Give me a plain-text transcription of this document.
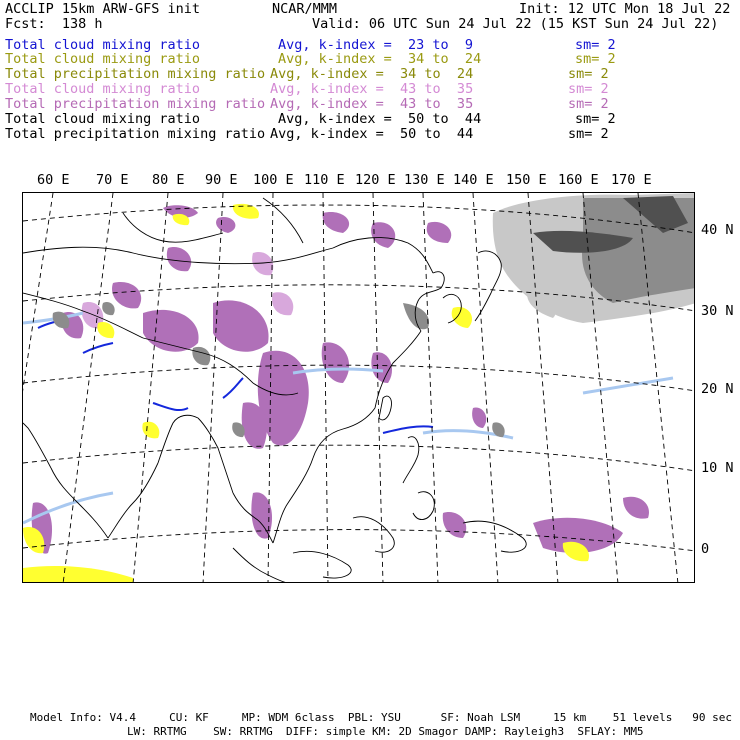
ACCLIP 15km ARW-GFS init	NCAR/MMM	Init: 12 UTC Mon 18 Jul 22
Fcst:  138 h	Valid: 06 UTC Sun 24 Jul 22 (15 KST Sun 24 Jul 22)
Total cloud mixing ratio	Avg, k-index =  23 to  9	sm= 2
Total cloud mixing ratio	Avg, k-index =  34 to  24	sm= 2
Total precipitation mixing ratio Avg, k-index =  34 to  24	sm= 2
Total cloud mixing ratio	Avg, k-index =  43 to  35	sm= 2
Total precipitation mixing ratio Avg, k-index =  43 to  35	sm= 2
Total cloud mixing ratio	Avg, k-index =  50 to  44	sm= 2
Total precipitation mixing ratio Avg, k-index =  50 to  44	sm= 2
60 E 70 E 80 E 90 E 100 E 110 E 120 E 130 E 140 E 150 E 160 E 170 E
40 N
30 N
20 N
10 N
0
Model Info: V4.4     CU: KF     MP: WDM 6class  PBL: YSU      SF: Noah LSM     15 km    51 levels   90 sec
LW: RRTMG    SW: RRTMG  DIFF: simple KM: 2D Smagor DAMP: Rayleigh3  SFLAY: MM5
